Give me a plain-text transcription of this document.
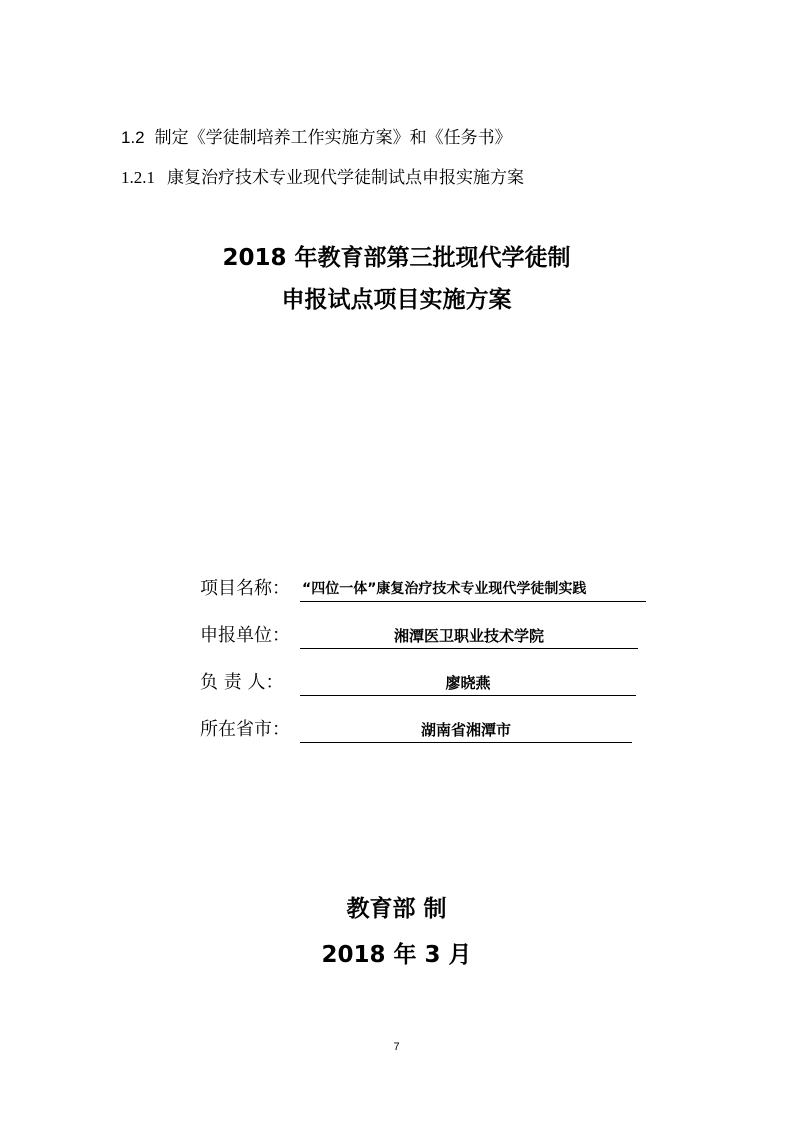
1.2 制定《学徒制培养工作实施方案》和《任务书》
1.2.1 康复治疗技术专业现代学徒制试点申报实施方案
2018 年教育部第三批现代学徒制
申报试点项目实施方案
项目名称： “四位一体”康复治疗技术专业现代学徒制实践
申报单位：	湘潭医卫职业技术学院
负 责 人：	廖晓燕
所在省市：	湖南省湘潭市
教育部 制
2018 年 3 月
7
